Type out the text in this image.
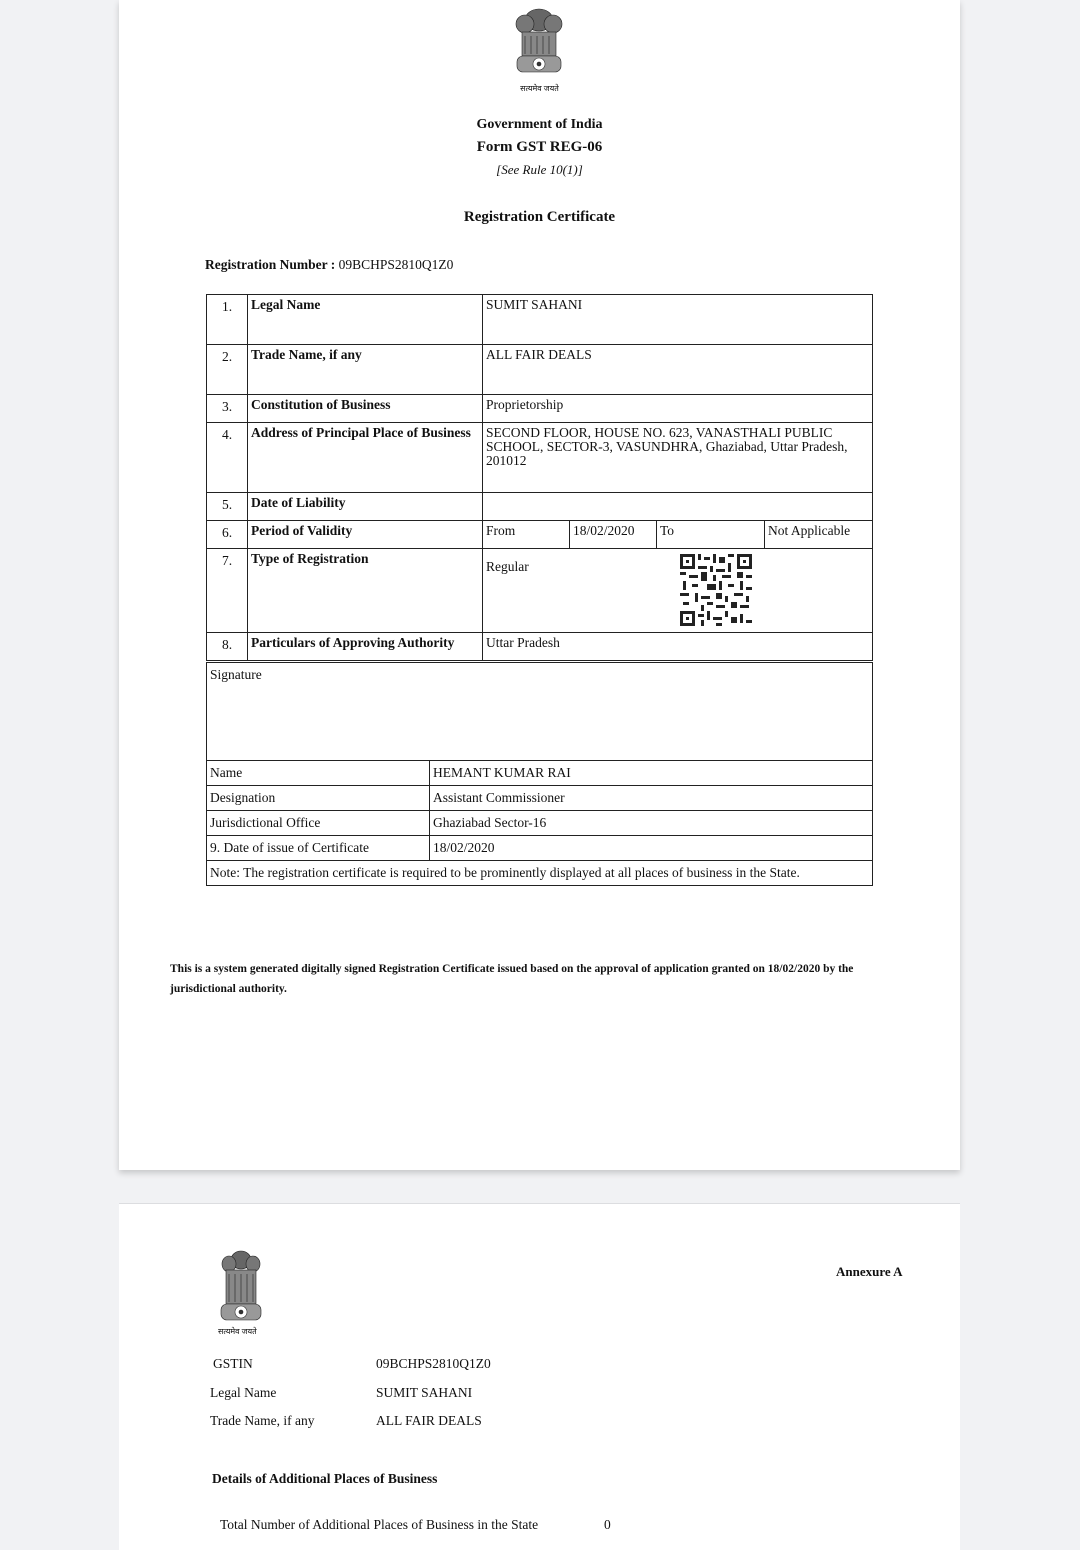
सत्यमेव जयते
Government of India
Form GST REG-06
[See Rule 10(1)]
Registration Certificate
Registration Number : 09BCHPS2810Q1Z0
1.	Legal Name	SUMIT SAHANI			
2.	Trade Name, if any	ALL FAIR DEALS			
3.	Constitution of Business	Proprietorship			
4.	Address of Principal Place of Business	SECOND FLOOR, HOUSE NO. 623, VANASTHALI PUBLIC SCHOOL, SECTOR-3, VASUNDHRA, Ghaziabad, Uttar Pradesh, 201012			
5.	Date of Liability				
6.	Period of Validity	From	18/02/2020	To	Not Applicable
7.	Type of Registration	Regular			

8.	Particulars of Approving Authority	Uttar Pradesh			
Signature	
Name	HEMANT KUMAR RAI
Designation	Assistant Commissioner
Jurisdictional Office	Ghaziabad Sector-16
9. Date of issue of Certificate	18/02/2020
Note: The registration certificate is required to be prominently displayed at all places of business in the State.	
This is a system generated digitally signed Registration Certificate issued based on the approval of application granted on 18/02/2020 by the jurisdictional authority.
सत्यमेव जयते
Annexure A
GSTIN	09BCHPS2810Q1Z0
Legal Name	SUMIT SAHANI
Trade Name, if any	ALL FAIR DEALS
Details of Additional Places of Business
Total Number of Additional Places of Business in the State	0
